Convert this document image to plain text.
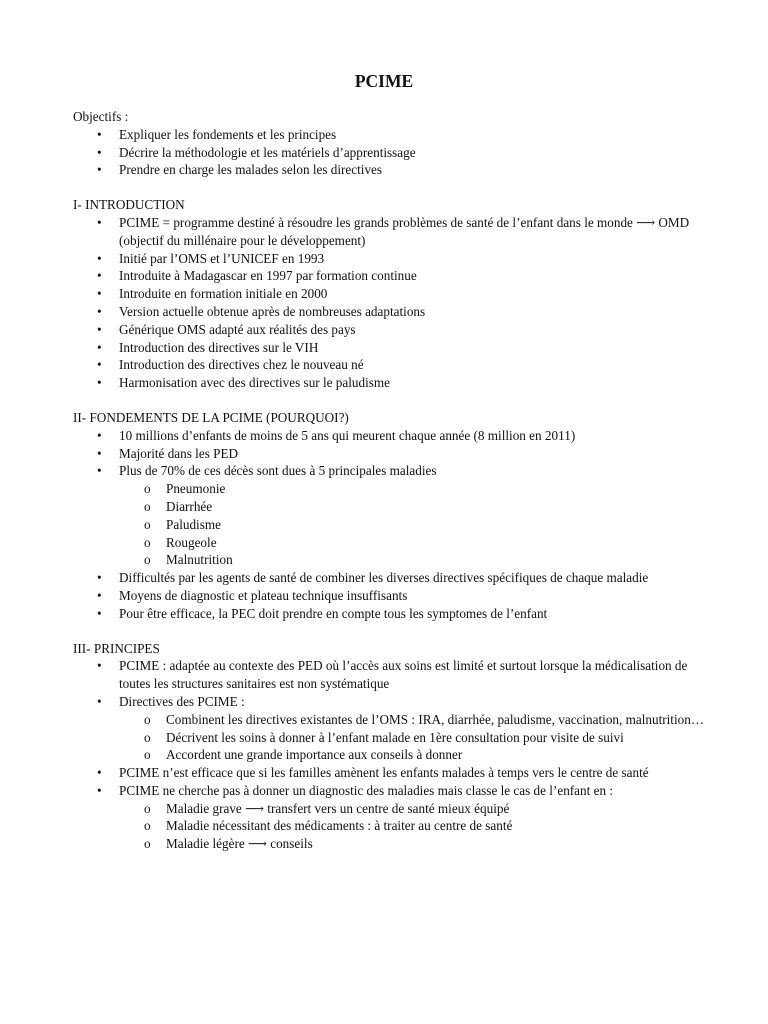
PCIME
Objectifs :
• Expliquer les fondements et les principes
• Décrire la méthodologie et les matériels d’apprentissage
• Prendre en charge les malades selon les directives
I- INTRODUCTION
• PCIME = programme destiné à résoudre les grands problèmes de santé de l’enfant dans le monde ⟶ OMD (objectif du millénaire pour le développement)
• Initié par l’OMS et l’UNICEF en 1993
• Introduite à Madagascar en 1997 par formation continue
• Introduite en formation initiale en 2000
• Version actuelle obtenue après de nombreuses adaptations
• Générique OMS adapté aux réalités des pays
• Introduction des directives sur le VIH
• Introduction des directives chez le nouveau né
• Harmonisation avec des directives sur le paludisme
II- FONDEMENTS DE LA PCIME (POURQUOI?)
• 10 millions d’enfants de moins de 5 ans qui meurent chaque année (8 million en 2011)
• Majorité dans les PED
• Plus de 70% de ces décès sont dues à 5 principales maladies
o Pneumonie
o Diarrhée
o Paludisme
o Rougeole
o Malnutrition
• Difficultés par les agents de santé de combiner les diverses directives spécifiques de chaque maladie
• Moyens de diagnostic et plateau technique insuffisants
• Pour être efficace, la PEC doit prendre en compte tous les symptomes de l’enfant
III- PRINCIPES
• PCIME : adaptée au contexte des PED où l’accès aux soins est limité et surtout lorsque la médicalisation de toutes les structures sanitaires est non systématique
• Directives des PCIME :
o Combinent les directives existantes de l’OMS : IRA, diarrhée, paludisme, vaccination, malnutrition…
o Décrivent les soins à donner à l’enfant malade en 1ère consultation pour visite de suivi
o Accordent une grande importance aux conseils à donner
• PCIME n’est efficace que si les familles amènent les enfants malades à temps vers le centre de santé
• PCIME ne cherche pas à donner un diagnostic des maladies mais classe le cas de l’enfant en :
o Maladie grave ⟶ transfert vers un centre de santé mieux équipé
o Maladie nécessitant des médicaments : à traiter au centre de santé
o Maladie légère ⟶ conseils
